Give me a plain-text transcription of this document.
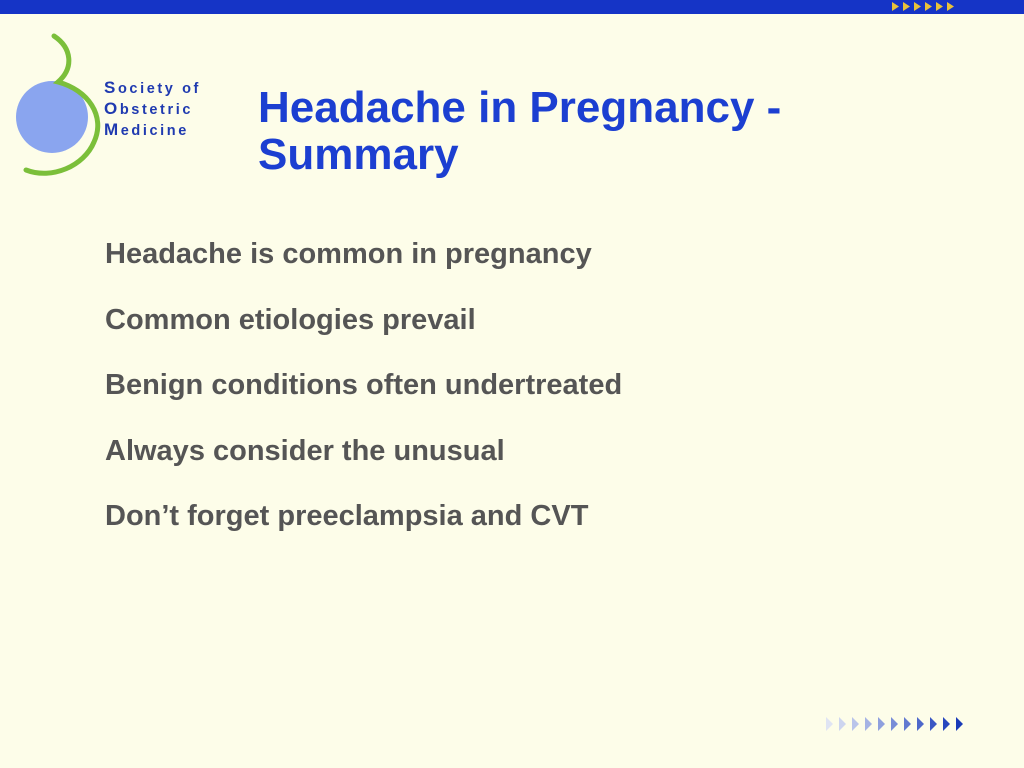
Society of
Obstetric
Medicine Headache in Pregnancy - Summary
Headache is common in pregnancy
Common etiologies prevail
Benign conditions often undertreated
Always consider the unusual
Don’t forget preeclampsia and CVT
